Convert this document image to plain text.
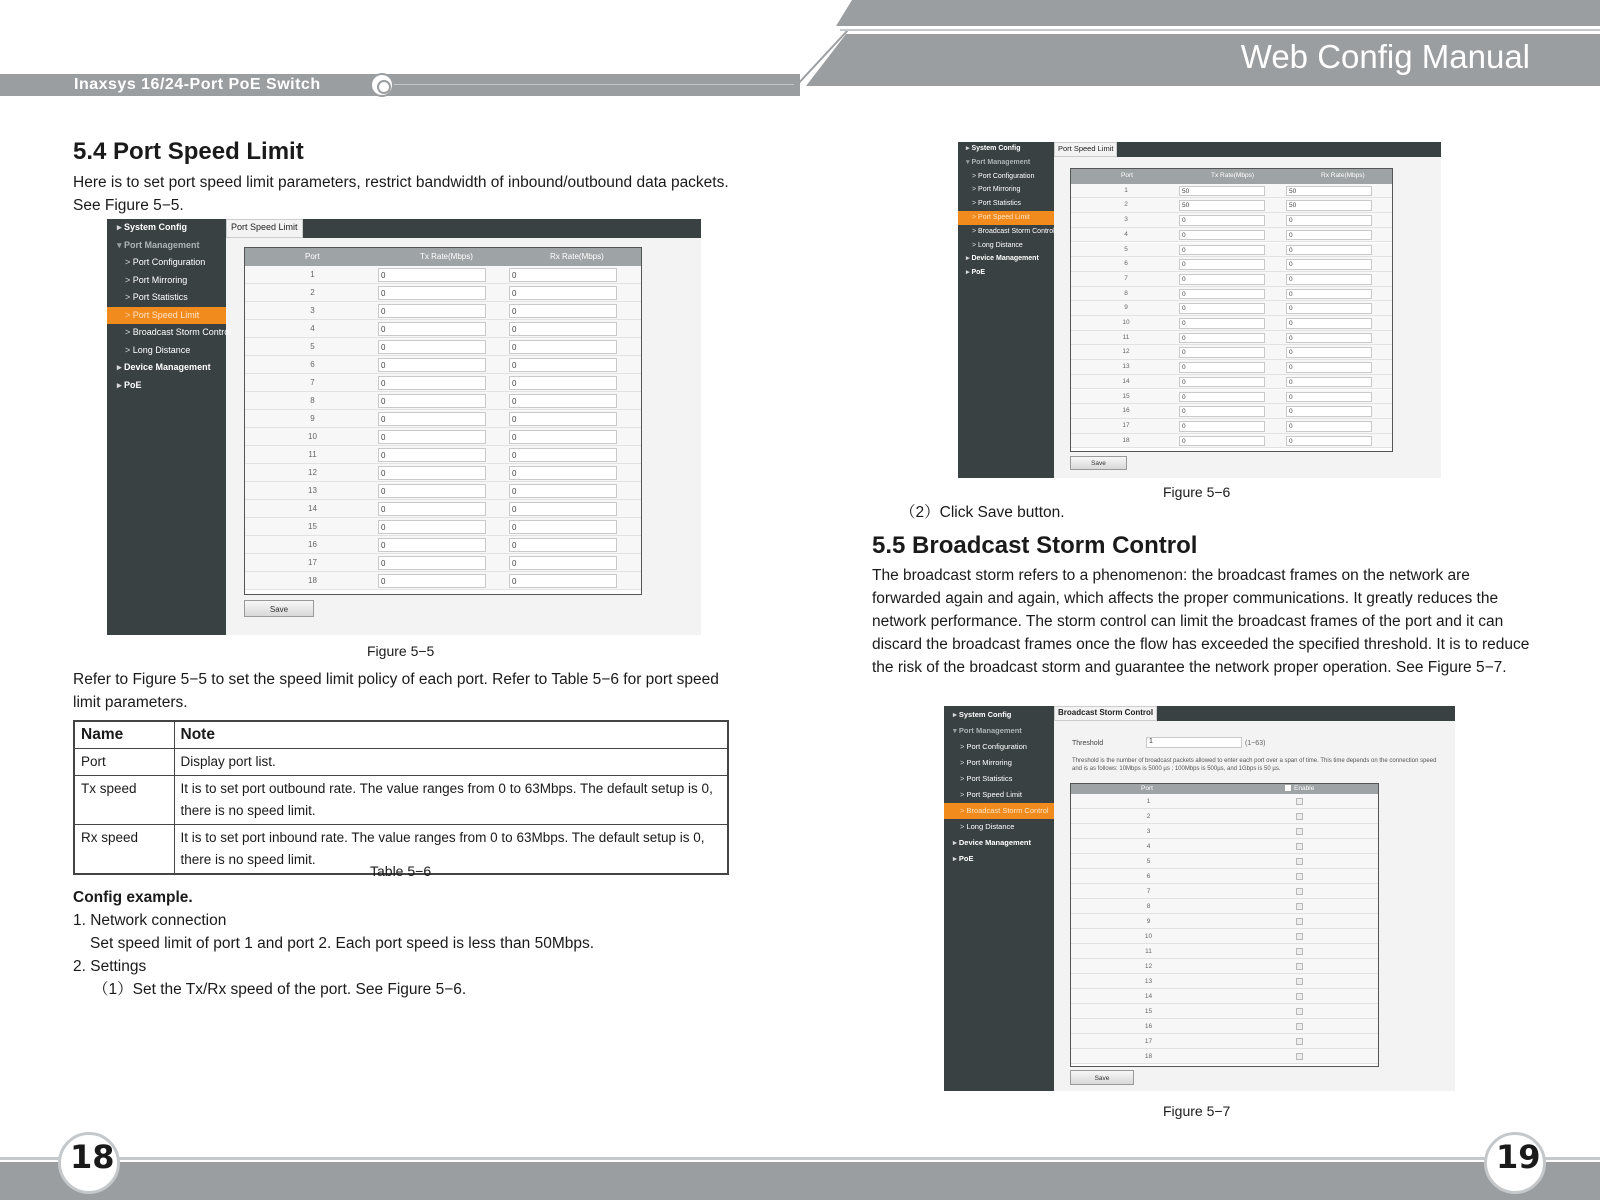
Inaxsys 16/24-Port PoE Switch
Web Config Manual
5.4 Port Speed Limit
Here is to set port speed limit parameters, restrict bandwidth of inbound/outbound data packets. See Figure 5−5.
▸ System Config
▾ Port Management
> Port Configuration
> Port Mirroring
> Port Statistics
> Port Speed Limit
> Broadcast Storm Control
> Long Distance
▸ Device Management
▸ PoE
Port Speed Limit
Port	Tx Rate(Mbps)	Rx Rate(Mbps)
1	0	0
2	0	0
3	0	0
4	0	0
5	0	0
6	0	0
7	0	0
8	0	0
9	0	0
10	0	0
11	0	0
12	0	0
13	0	0
14	0	0
15	0	0
16	0	0
17	0	0
18	0	0
Save
Figure 5−5
Refer to Figure 5−5 to set the speed limit policy of each port. Refer to Table 5−6 for port speed limit parameters.
Name	Note
Port	Display port list.
Tx speed	It is to set port outbound rate. The value ranges from 0 to 63Mbps. The default setup is 0, there is no speed limit.
Rx speed	It is to set port inbound rate. The value ranges from 0 to 63Mbps. The default setup is 0, there is no speed limit.
Table 5−6
Config example.
1. Network connection
Set speed limit of port 1 and port 2. Each port speed is less than 50Mbps.
2. Settings
（1）Set the Tx/Rx speed of the port. See Figure 5−6.
▸ System Config
▾ Port Management
> Port Configuration
> Port Mirroring
> Port Statistics
> Port Speed Limit
> Broadcast Storm Control
> Long Distance
▸ Device Management
▸ PoE
Port Speed Limit
Port	Tx Rate(Mbps)	Rx Rate(Mbps)
1	50	50
2	50	50
3	0	0
4	0	0
5	0	0
6	0	0
7	0	0
8	0	0
9	0	0
10	0	0
11	0	0
12	0	0
13	0	0
14	0	0
15	0	0
16	0	0
17	0	0
18	0	0
Save
Figure 5−6
（2）Click Save button.
5.5 Broadcast Storm Control
The broadcast storm refers to a phenomenon: the broadcast frames on the network are forwarded again and again, which affects the proper communications. It greatly reduces the network performance. The storm control can limit the broadcast frames of the port and it can discard the broadcast frames once the flow has exceeded the specified threshold. It is to reduce the risk of the broadcast storm and guarantee the network proper operation. See Figure 5−7.
▸ System Config
▾ Port Management
> Port Configuration
> Port Mirroring
> Port Statistics
> Port Speed Limit
> Broadcast Storm Control
> Long Distance
▸ Device Management
▸ PoE
Broadcast Storm Control
Threshold	1	(1~63)
Threshold is the number of broadcast packets allowed to enter each port over a span of time. This time depends on the connection speed and is as follows: 10Mbps is 5000 µs ; 100Mbps is 500µs, and 1Gbps is 50 µs.
Port	Enable
1
2
3
4
5
6
7
8
9
10
11
12
13
14
15
16
17
18
Save
Figure 5−7
18	19
